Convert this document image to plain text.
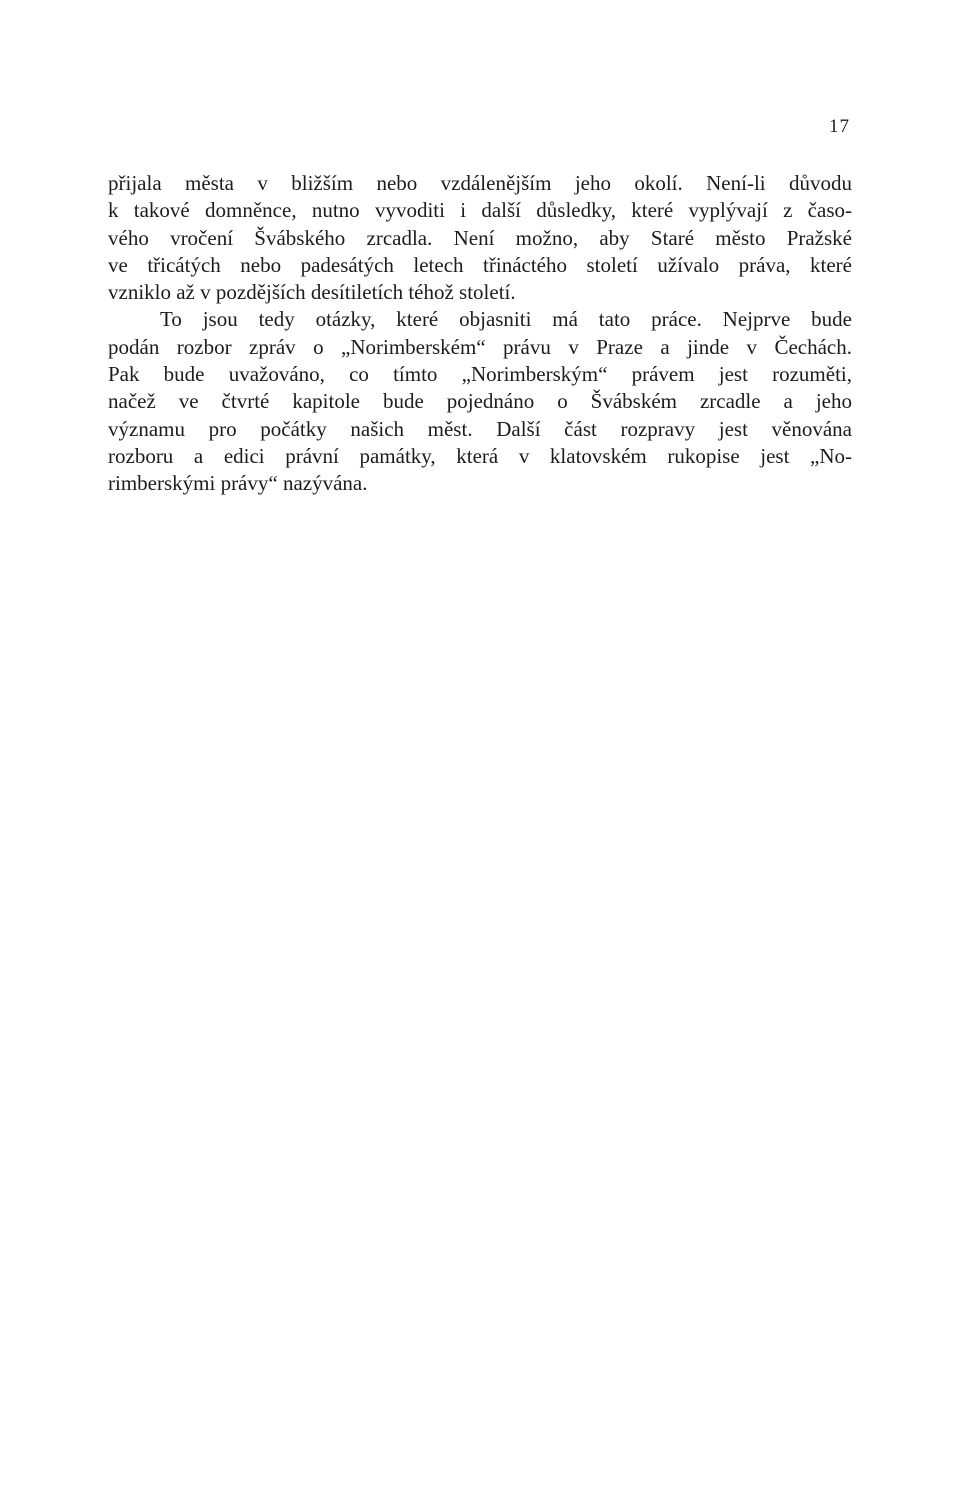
17
přijala města v bližším nebo vzdálenějším jeho okolí. Není-li důvodu
k takové domněnce, nutno vyvoditi i další důsledky, které vyplývají z časo-
vého vročení Švábského zrcadla. Není možno, aby Staré město Pražské
ve třicátých nebo padesátých letech třináctého století užívalo práva, které
vzniklo až v pozdějších desítiletích téhož století.
To jsou tedy otázky, které objasniti má tato práce. Nejprve bude
podán rozbor zpráv o „Norimberském“ právu v Praze a jinde v Čechách.
Pak bude uvažováno, co tímto „Norimberským“ právem jest rozuměti,
načež ve čtvrté kapitole bude pojednáno o Švábském zrcadle a jeho
významu pro počátky našich měst. Další část rozpravy jest věnována
rozboru a edici právní památky, která v klatovském rukopise jest „No-
rimberskými právy“ nazývána.
